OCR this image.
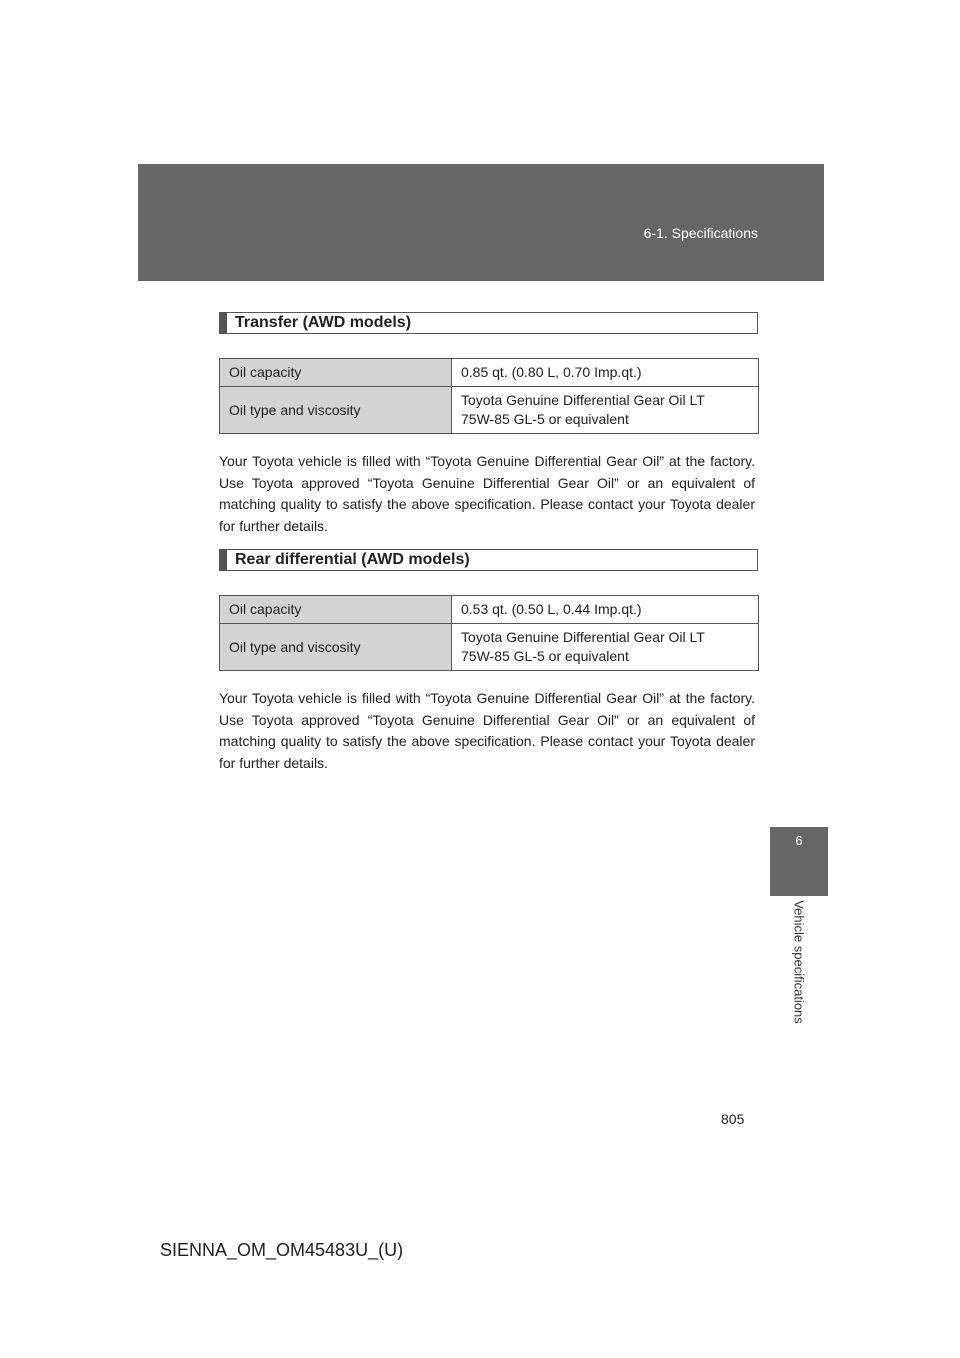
6-1. Specifications
6
Vehicle specifications
Transfer (AWD models)
Oil capacity	0.85 qt. (0.80 L, 0.70 Imp.qt.)
Oil type and viscosity	Toyota Genuine Differential Gear Oil LT
75W-85 GL-5 or equivalent
Your Toyota vehicle is filled with “Toyota Genuine Differential Gear Oil” at the factory. Use Toyota approved “Toyota Genuine Differential Gear Oil” or an equivalent of matching quality to satisfy the above specification. Please contact your Toyota dealer for further details.
Rear differential (AWD models)
Oil capacity	0.53 qt. (0.50 L, 0.44 Imp.qt.)
Oil type and viscosity	Toyota Genuine Differential Gear Oil LT
75W-85 GL-5 or equivalent
Your Toyota vehicle is filled with “Toyota Genuine Differential Gear Oil” at the factory. Use Toyota approved “Toyota Genuine Differential Gear Oil” or an equivalent of matching quality to satisfy the above specification. Please contact your Toyota dealer for further details.
805
SIENNA_OM_OM45483U_(U)
